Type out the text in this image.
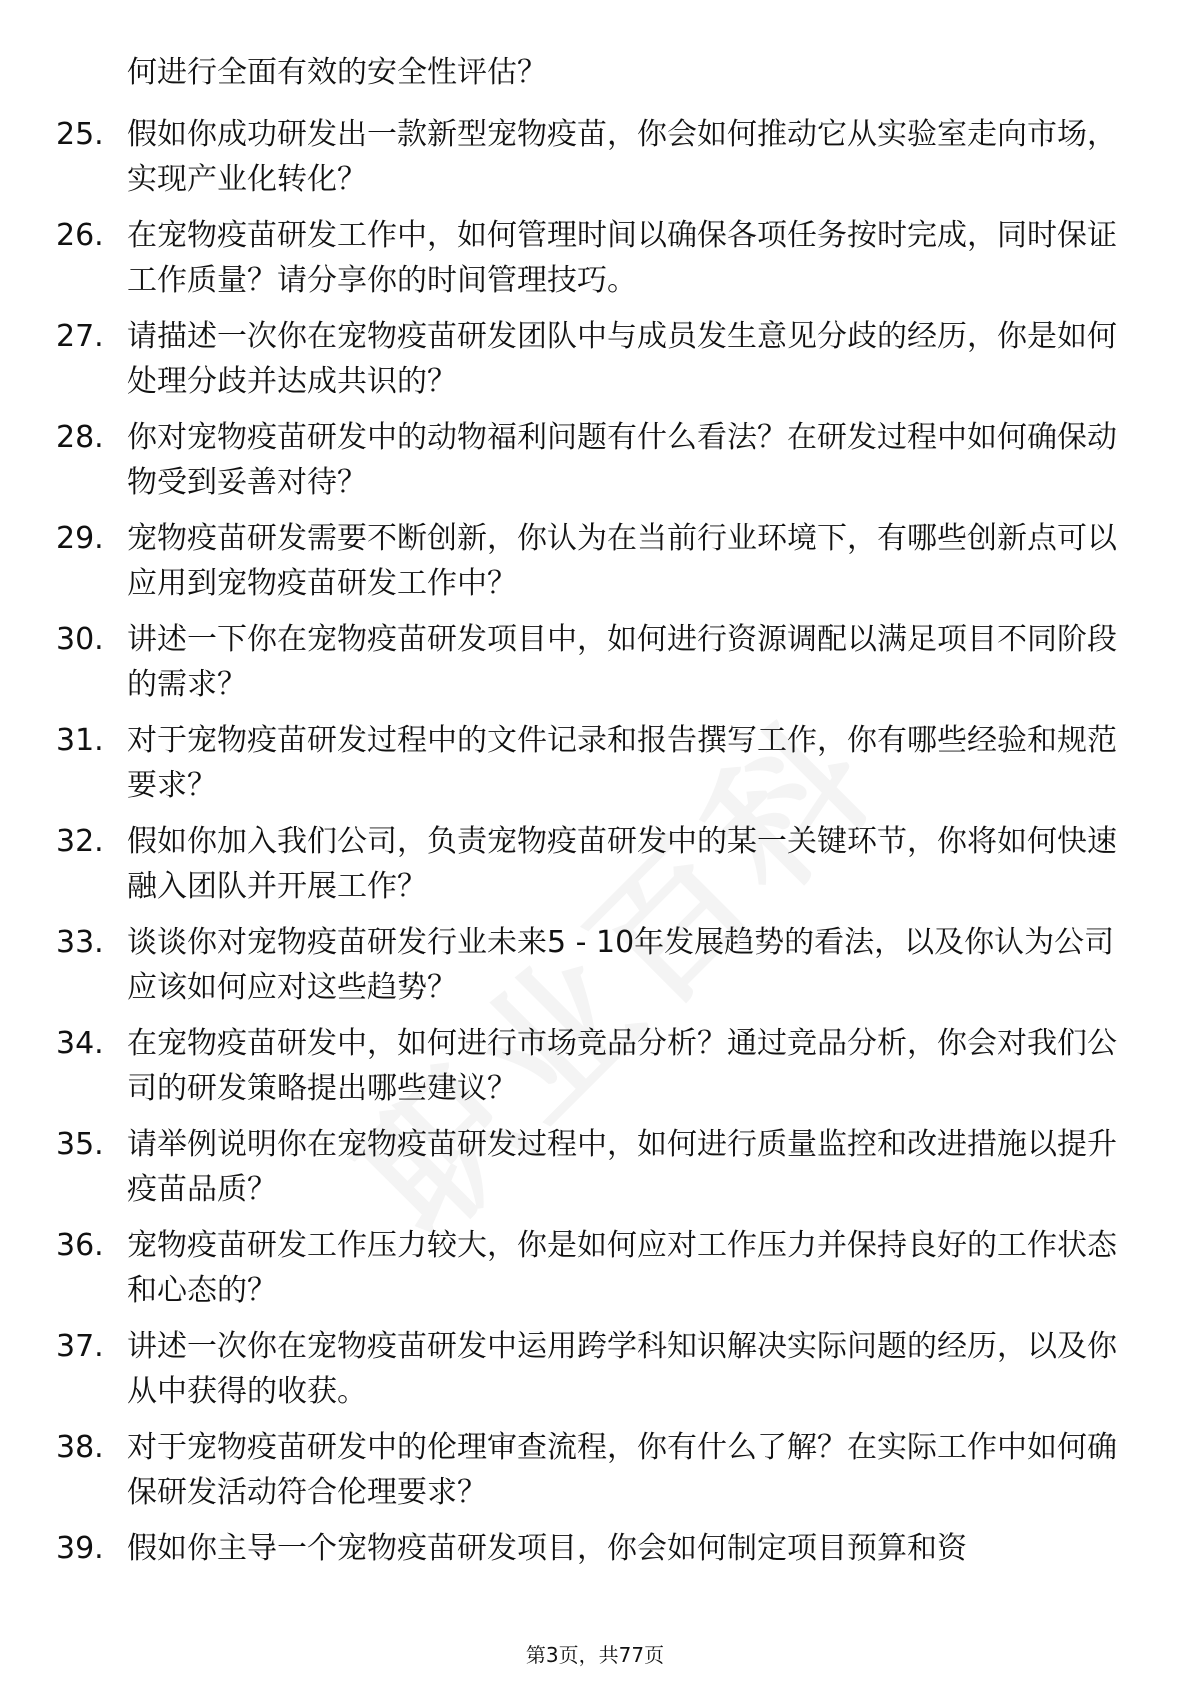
何进行全面有效的安全性评估？
25. 假如你成功研发出一款新型宠物疫苗，你会如何推动它从实验室走向市场，实现产业化转化？
26. 在宠物疫苗研发工作中，如何管理时间以确保各项任务按时完成，同时保证工作质量？请分享你的时间管理技巧。
27. 请描述一次你在宠物疫苗研发团队中与成员发生意见分歧的经历，你是如何处理分歧并达成共识的？
28. 你对宠物疫苗研发中的动物福利问题有什么看法？在研发过程中如何确保动物受到妥善对待？
29. 宠物疫苗研发需要不断创新，你认为在当前行业环境下，有哪些创新点可以应用到宠物疫苗研发工作中？
30. 讲述一下你在宠物疫苗研发项目中，如何进行资源调配以满足项目不同阶段的需求？
31. 对于宠物疫苗研发过程中的文件记录和报告撰写工作，你有哪些经验和规范要求？
32. 假如你加入我们公司，负责宠物疫苗研发中的某一关键环节，你将如何快速融入团队并开展工作？
33. 谈谈你对宠物疫苗研发行业未来5 - 10年发展趋势的看法，以及你认为公司应该如何应对这些趋势？
34. 在宠物疫苗研发中，如何进行市场竞品分析？通过竞品分析，你会对我们公司的研发策略提出哪些建议？
35. 请举例说明你在宠物疫苗研发过程中，如何进行质量监控和改进措施以提升疫苗品质？
36. 宠物疫苗研发工作压力较大，你是如何应对工作压力并保持良好的工作状态和心态的？
37. 讲述一次你在宠物疫苗研发中运用跨学科知识解决实际问题的经历，以及你从中获得的收获。
38. 对于宠物疫苗研发中的伦理审查流程，你有什么了解？在实际工作中如何确保研发活动符合伦理要求？
39. 假如你主导一个宠物疫苗研发项目，你会如何制定项目预算和资
第3页，共77页
